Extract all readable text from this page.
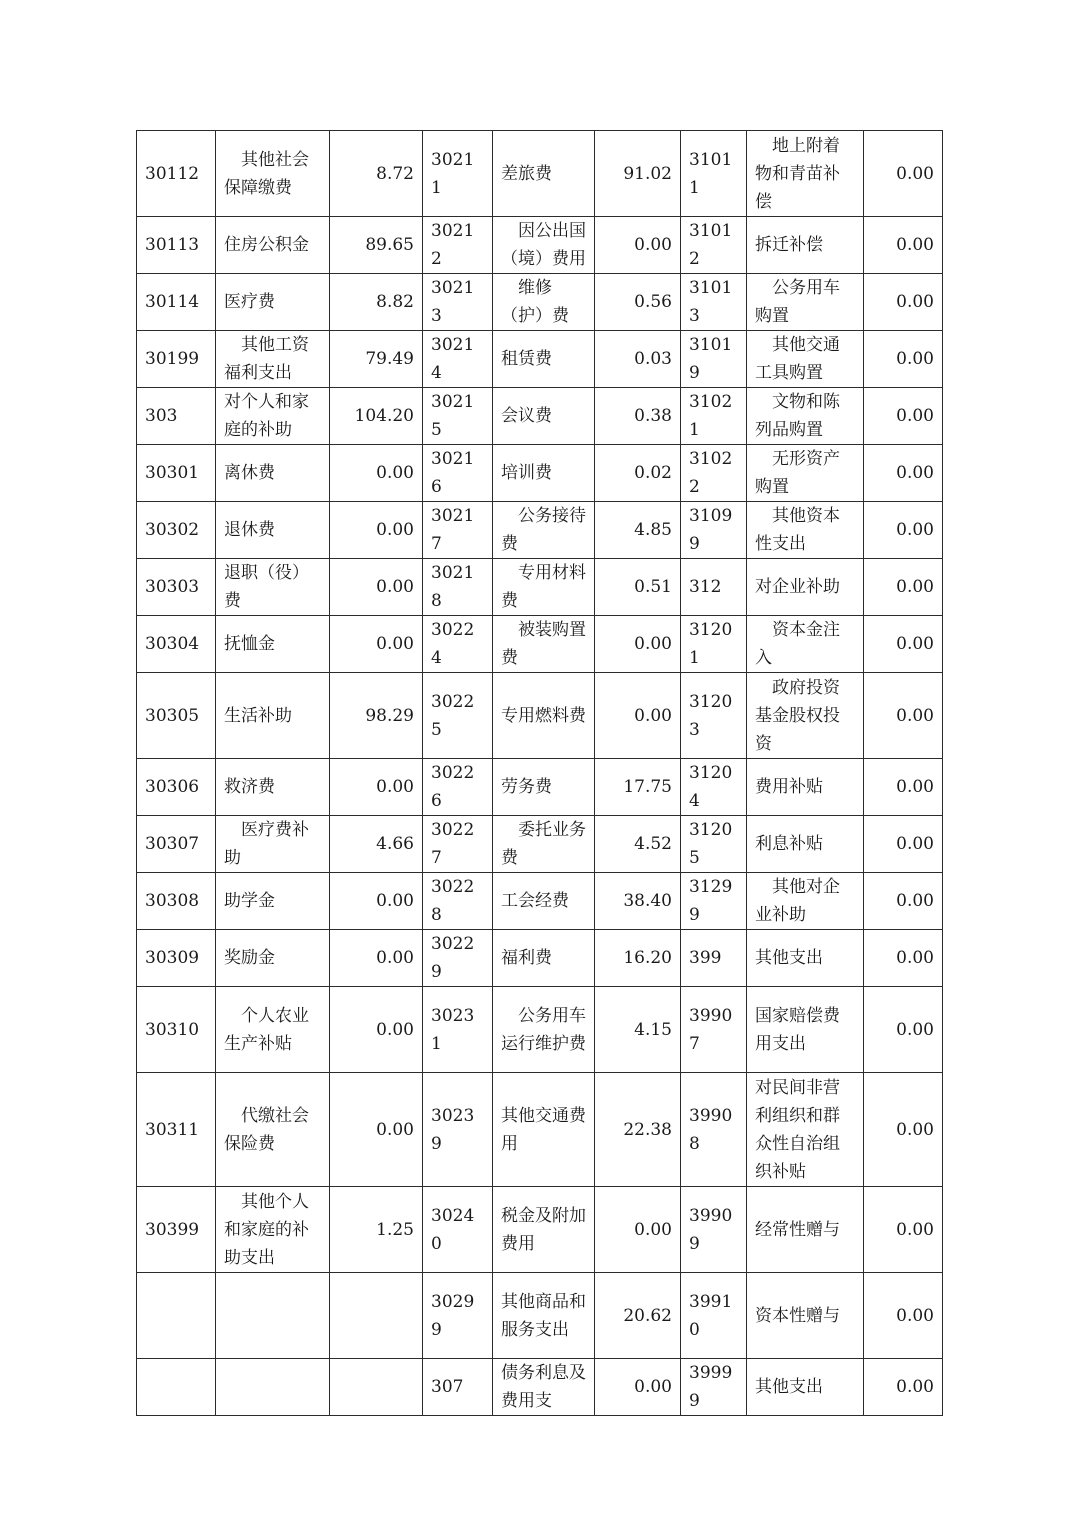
30112	其他社会保障缴费	8.72	30211	差旅费	91.02	31011	地上附着物和青苗补偿	0.00
30113	住房公积金	89.65	30212	因公出国（境）费用	0.00	31012	拆迁补偿	0.00
30114	医疗费	8.82	30213	维修（护）费	0.56	31013	公务用车购置	0.00
30199	其他工资福利支出	79.49	30214	租赁费	0.03	31019	其他交通工具购置	0.00
303	对个人和家庭的补助	104.20	30215	会议费	0.38	31021	文物和陈列品购置	0.00
30301	离休费	0.00	30216	培训费	0.02	31022	无形资产购置	0.00
30302	退休费	0.00	30217	公务接待费	4.85	31099	其他资本性支出	0.00
30303	退职（役）费	0.00	30218	专用材料费	0.51	312	对企业补助	0.00
30304	抚恤金	0.00	30224	被装购置费	0.00	31201	资本金注入	0.00
30305	生活补助	98.29	30225	专用燃料费	0.00	31203	政府投资基金股权投资	0.00
30306	救济费	0.00	30226	劳务费	17.75	31204	费用补贴	0.00
30307	医疗费补助	4.66	30227	委托业务费	4.52	31205	利息补贴	0.00
30308	助学金	0.00	30228	工会经费	38.40	31299	其他对企业补助	0.00
30309	奖励金	0.00	30229	福利费	16.20	399	其他支出	0.00
30310	个人农业生产补贴	0.00	30231	公务用车运行维护费	4.15	39907	国家赔偿费用支出	0.00
30311	代缴社会保险费	0.00	30239	其他交通费用	22.38	39908	对民间非营利组织和群众性自治组织补贴	0.00
30399	其他个人和家庭的补助支出	1.25	30240	税金及附加费用	0.00	39909	经常性赠与	0.00
			30299	其他商品和服务支出	20.62	39910	资本性赠与	0.00
			307	债务利息及费用支	0.00	39999	其他支出	0.00
